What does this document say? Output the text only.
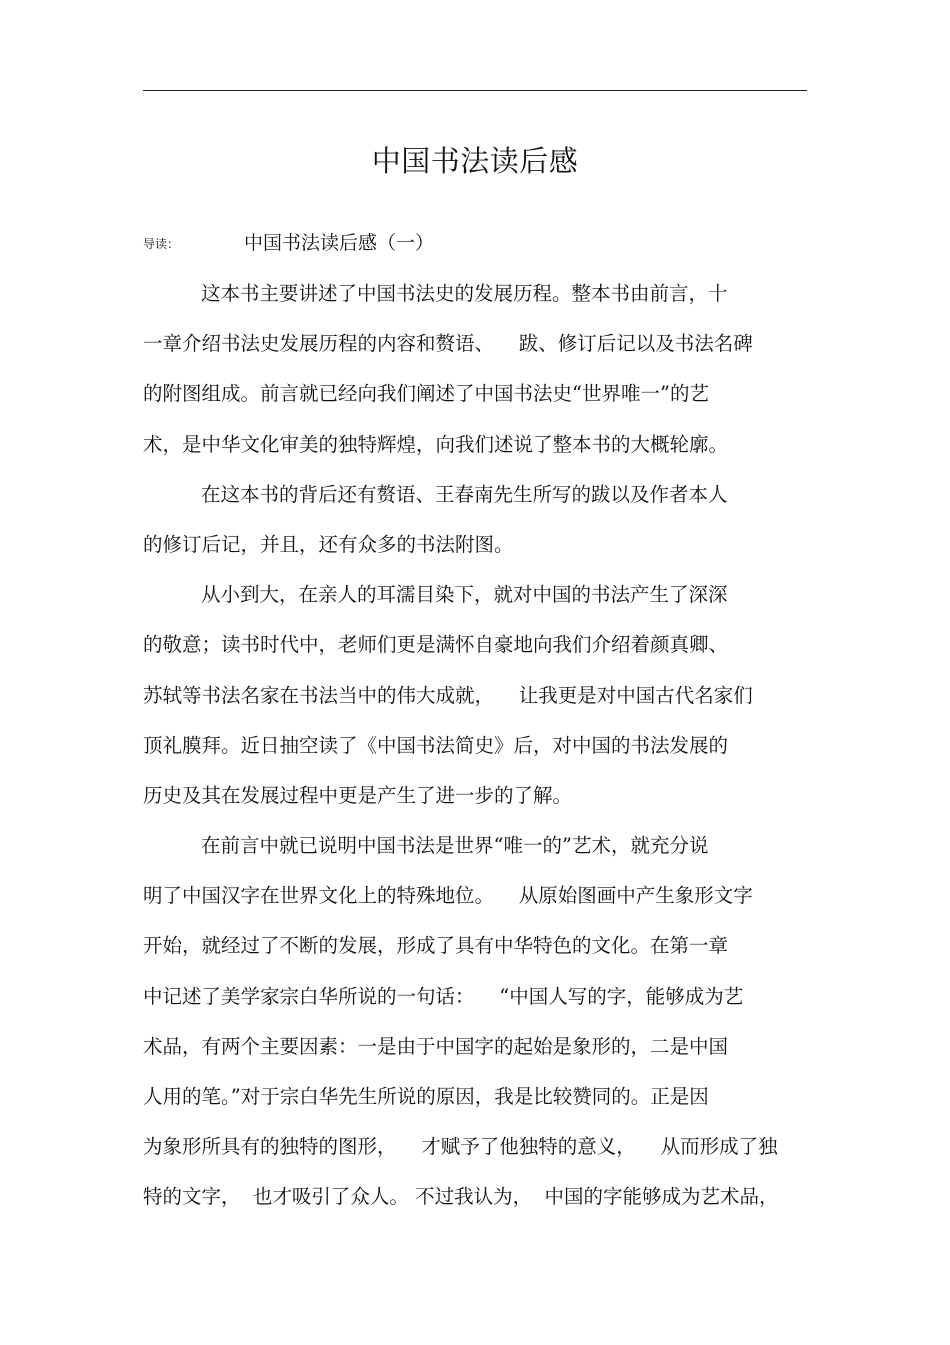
中国书法读后感
导读：	中国书法读后感（一）
这本书主要讲述了中国书法史的发展历程。整本书由前言，十
一章介绍书法史发展历程的内容和赘语、    跋、修订后记以及书法名碑
的附图组成。前言就已经向我们阐述了中国书法史“世界唯一”的艺
术，是中华文化审美的独特辉煌，向我们述说了整本书的大概轮廓。
在这本书的背后还有赘语、王春南先生所写的跋以及作者本人
的修订后记，并且，还有众多的书法附图。
从小到大，在亲人的耳濡目染下，就对中国的书法产生了深深
的敬意；读书时代中，老师们更是满怀自豪地向我们介绍着颜真卿、
苏轼等书法名家在书法当中的伟大成就，    让我更是对中国古代名家们
顶礼膜拜。近日抽空读了《中国书法简史》后，对中国的书法发展的
历史及其在发展过程中更是产生了进一步的了解。
在前言中就已说明中国书法是世界“唯一的”艺术，就充分说
明了中国汉字在世界文化上的特殊地位。    从原始图画中产生象形文字
开始，就经过了不断的发展，形成了具有中华特色的文化。在第一章
中记述了美学家宗白华所说的一句话：    “中国人写的字，能够成为艺
术品，有两个主要因素：一是由于中国字的起始是象形的，二是中国
人用的笔。”对于宗白华先生所说的原因，我是比较赞同的。正是因
为象形所具有的独特的图形，    才赋予了他独特的意义，    从而形成了独
特的文字，  也才吸引了众人。 不过我认为，  中国的字能够成为艺术品，
